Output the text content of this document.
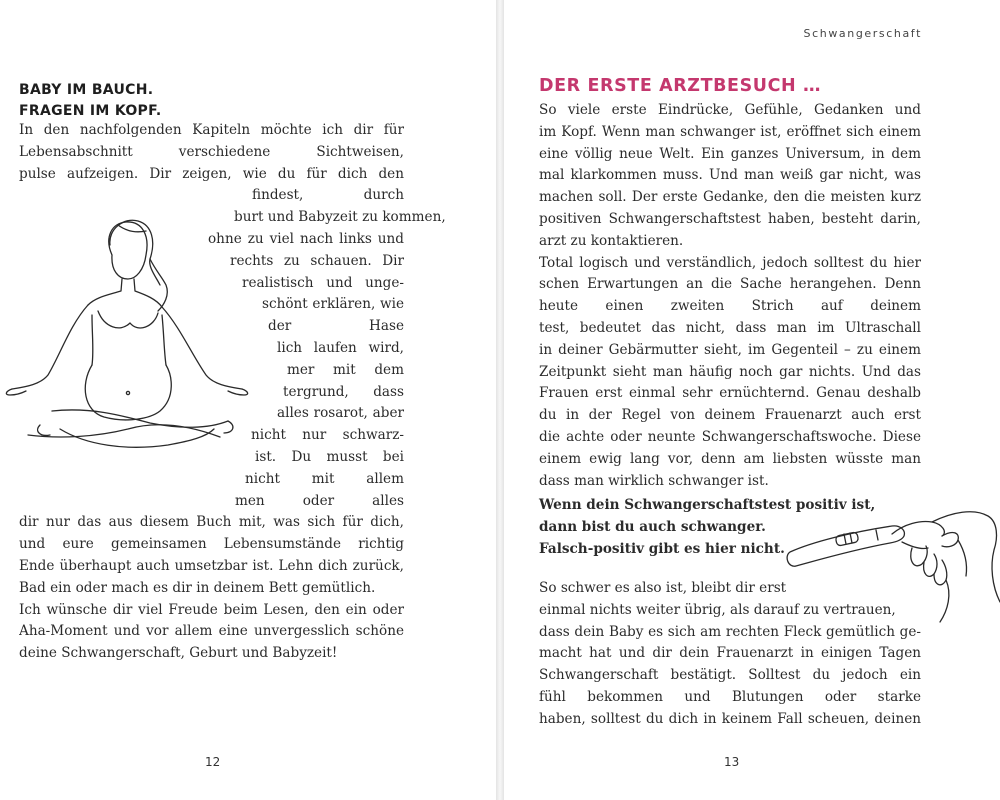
BABY IM BAUCH.
FRAGEN IM KOPF.
In den nachfolgenden Kapiteln möchte ich dir für
Lebensabschnitt verschiedene Sichtweisen,
pulse aufzeigen. Dir zeigen, wie du für dich den
findest, durch
burt und Babyzeit zu kommen,
ohne zu viel nach links und
rechts zu schauen. Dir
realistisch und unge-
schönt erklären, wie
der Hase
lich laufen wird,
mer mit dem
tergrund, dass
alles rosarot, aber
nicht nur schwarz-
ist. Du musst bei
nicht mit allem
men oder alles
dir nur das aus diesem Buch mit, was sich für dich,
und eure gemeinsamen Lebensumstände richtig
Ende überhaupt auch umsetzbar ist. Lehn dich zurück,
Bad ein oder mach es dir in deinem Bett gemütlich.
Ich wünsche dir viel Freude beim Lesen, den ein oder
Aha-Moment und vor allem eine unvergesslich schöne
deine Schwangerschaft, Geburt und Babyzeit!
12
Schwangerschaft
DER ERSTE ARZTBESUCH …
So viele erste Eindrücke, Gefühle, Gedanken und
im Kopf. Wenn man schwanger ist, eröffnet sich einem
eine völlig neue Welt. Ein ganzes Universum, in dem
mal klarkommen muss. Und man weiß gar nicht, was
machen soll. Der erste Gedanke, den die meisten kurz
positiven Schwangerschaftstest haben, besteht darin,
arzt zu kontaktieren.
Total logisch und verständlich, jedoch solltest du hier
schen Erwartungen an die Sache herangehen. Denn
heute einen zweiten Strich auf deinem
test, bedeutet das nicht, dass man im Ultraschall
in deiner Gebärmutter sieht, im Gegenteil – zu einem
Zeitpunkt sieht man häufig noch gar nichts. Und das
Frauen erst einmal sehr ernüchternd. Genau deshalb
du in der Regel von deinem Frauenarzt auch erst
die achte oder neunte Schwangerschaftswoche. Diese
einem ewig lang vor, denn am liebsten wüsste man
dass man wirklich schwanger ist.
Wenn dein Schwangerschaftstest positiv ist,
dann bist du auch schwanger.
Falsch-positiv gibt es hier nicht.
So schwer es also ist, bleibt dir erst
einmal nichts weiter übrig, als darauf zu vertrauen,
dass dein Baby es sich am rechten Fleck gemütlich ge-
macht hat und dir dein Frauenarzt in einigen Tagen
Schwangerschaft bestätigt. Solltest du jedoch ein
fühl bekommen und Blutungen oder starke
haben, solltest du dich in keinem Fall scheuen, deinen
13
